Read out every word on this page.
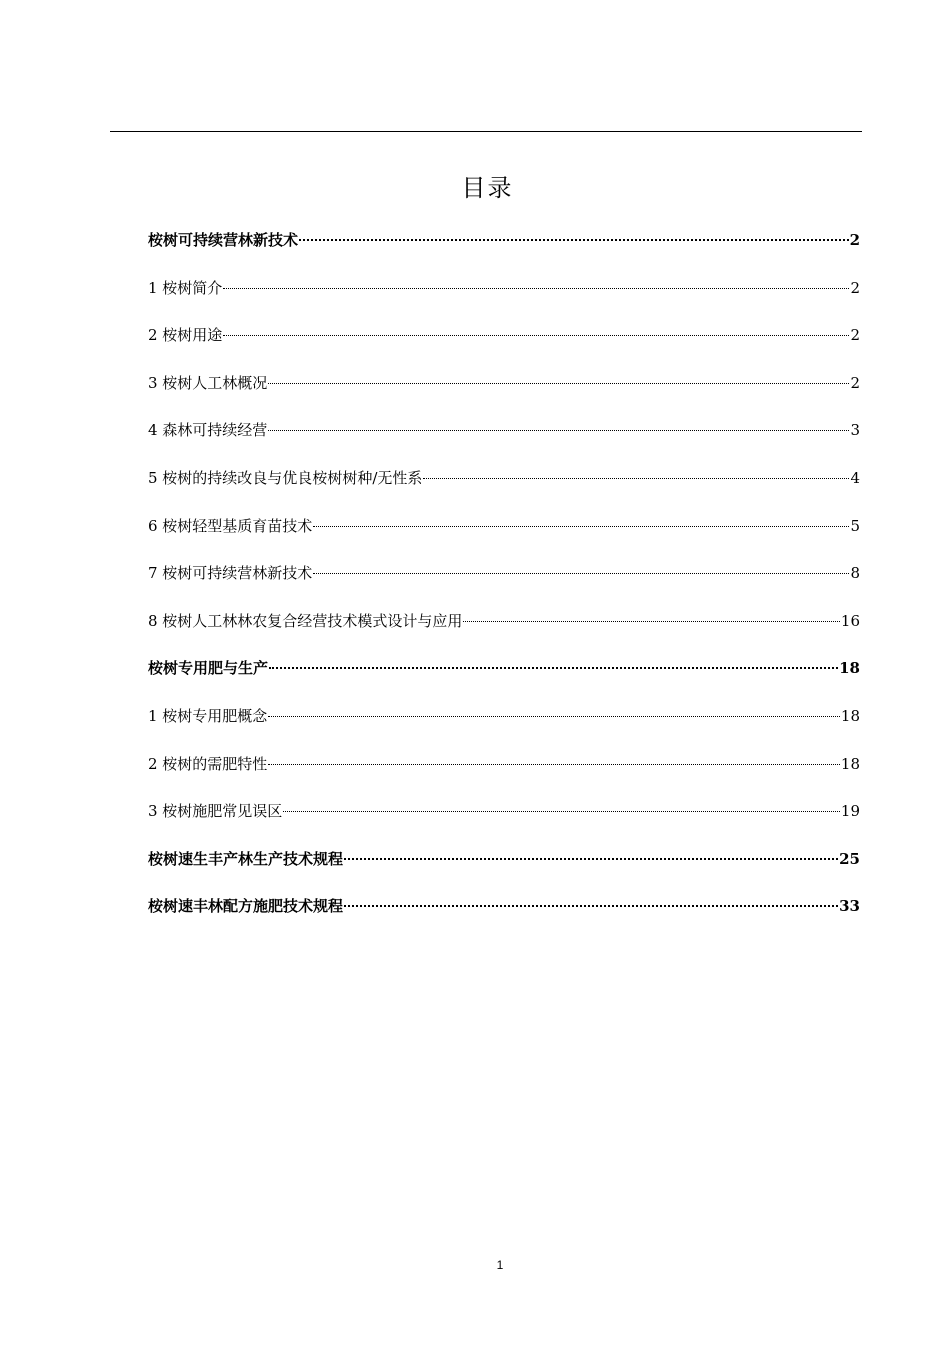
目录
桉树可持续营林新技术	2
1 桉树简介	2
2 桉树用途	2
3 桉树人工林概况	2
4 森林可持续经营	3
5 桉树的持续改良与优良桉树树种/无性系	4
6 桉树轻型基质育苗技术	5
7 桉树可持续营林新技术	8
8 桉树人工林林农复合经营技术模式设计与应用	16
桉树专用肥与生产	18
1 桉树专用肥概念	18
2 桉树的需肥特性	18
3 桉树施肥常见误区	19
桉树速生丰产林生产技术规程	25
桉树速丰林配方施肥技术规程	33
1
